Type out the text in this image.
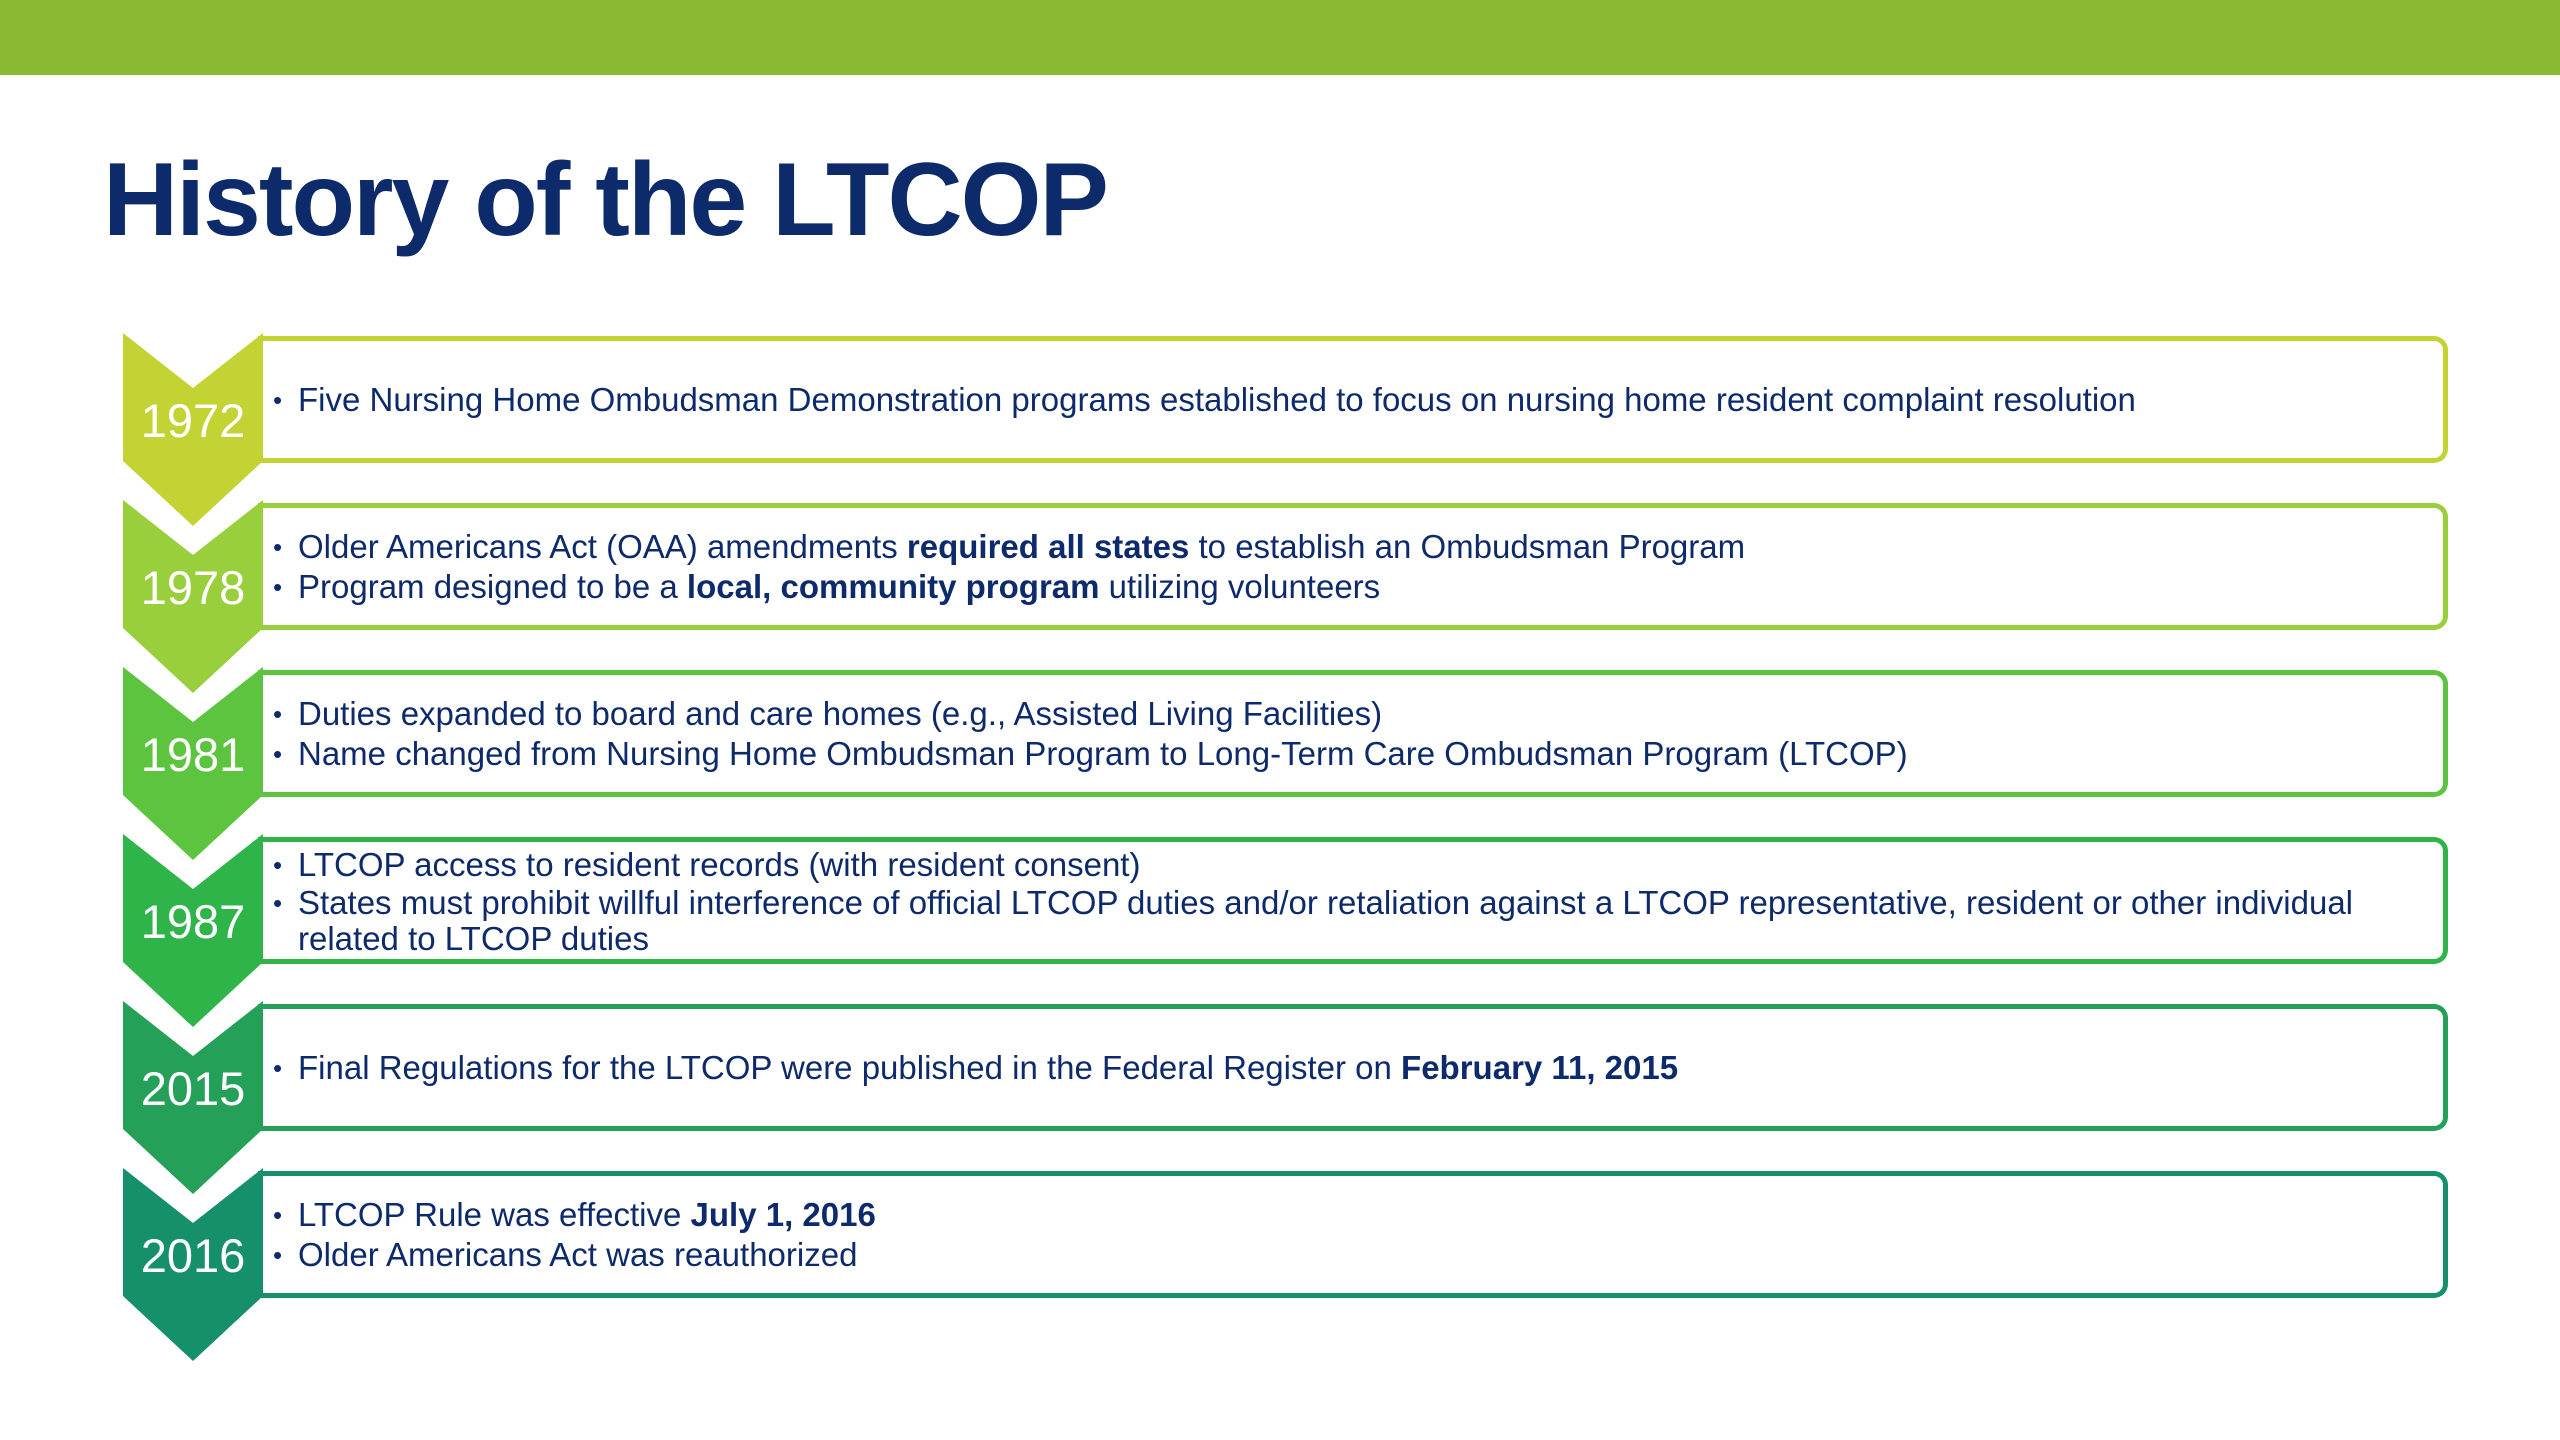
History of the LTCOP
1972	• Five Nursing Home Ombudsman Demonstration programs established to focus on nursing home resident complaint resolution
1978
• Older Americans Act (OAA) amendments required all states to establish an Ombudsman Program
• Program designed to be a local, community program utilizing volunteers
1981
• Duties expanded to board and care homes (e.g., Assisted Living Facilities)
• Name changed from Nursing Home Ombudsman Program to Long-Term Care Ombudsman Program (LTCOP)
1987
• LTCOP access to resident records (with resident consent)
• States must prohibit willful interference of official LTCOP duties and/or retaliation against a LTCOP representative, resident or other individual related to LTCOP duties
2015	• Final Regulations for the LTCOP were published in the Federal Register on February 11, 2015
2016
• LTCOP Rule was effective July 1, 2016
• Older Americans Act was reauthorized
